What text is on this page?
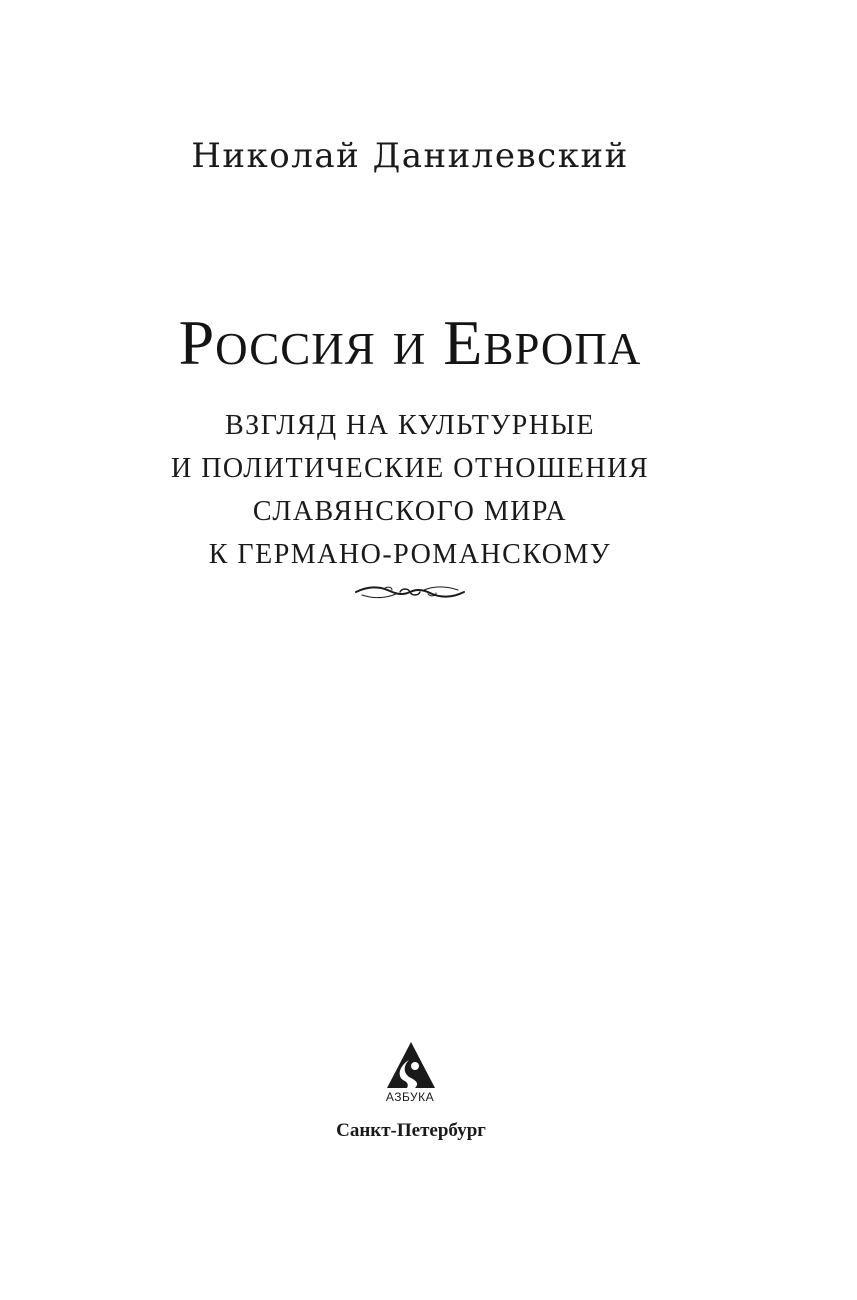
Николай Данилевский
Россия и Европа
ВЗГЛЯД НА КУЛЬТУРНЫЕ
И ПОЛИТИЧЕСКИЕ ОТНОШЕНИЯ
СЛАВЯНСКОГО МИРА
К ГЕРМАНО-РОМАНСКОМУ
АЗБУКА
Санкт-Петербург
